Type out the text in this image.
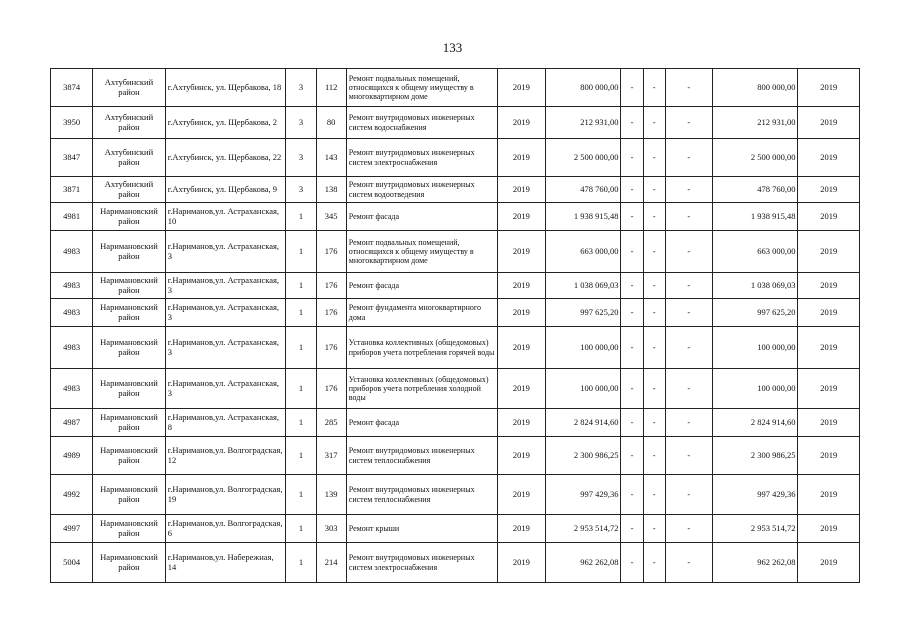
133
3874	Ахтубинский район	г.Ахтубинск, ул. Щербакова, 18	3	112	Ремонт подвальных помещений, относящихся к общему имуществу в многоквартирном доме	2019	800 000,00	-	-	-	800 000,00	2019
3950	Ахтубинский район	г.Ахтубинск, ул. Щербакова, 2	3	80	Ремонт внутридомовых инженерных систем водоснабжения	2019	212 931,00	-	-	-	212 931,00	2019
3847	Ахтубинский район	г.Ахтубинск, ул. Щербакова, 22	3	143	Ремонт внутридомовых инженерных систем электроснабжения	2019	2 500 000,00	-	-	-	2 500 000,00	2019
3871	Ахтубинский район	г.Ахтубинск, ул. Щербакова, 9	3	138	Ремонт внутридомовых инженерных систем водоотведения	2019	478 760,00	-	-	-	478 760,00	2019
4981	Наримановский район	г.Нариманов,ул. Астраханская, 10	1	345	Ремонт фасада	2019	1 938 915,48	-	-	-	1 938 915,48	2019
4983	Наримановский район	г.Нариманов,ул. Астраханская, 3	1	176	Ремонт подвальных помещений, относящихся к общему имуществу в многоквартирном доме	2019	663 000,00	-	-	-	663 000,00	2019
4983	Наримановский район	г.Нариманов,ул. Астраханская, 3	1	176	Ремонт фасада	2019	1 038 069,03	-	-	-	1 038 069,03	2019
4983	Наримановский район	г.Нариманов,ул. Астраханская, 3	1	176	Ремонт фундамента многоквартирного дома	2019	997 625,20	-	-	-	997 625,20	2019
4983	Наримановский район	г.Нариманов,ул. Астраханская, 3	1	176	Установка коллективных (общедомовых) приборов учета потребления горячей воды	2019	100 000,00	-	-	-	100 000,00	2019
4983	Наримановский район	г.Нариманов,ул. Астраханская, 3	1	176	Установка коллективных (общедомовых) приборов учета потребления холодной воды	2019	100 000,00	-	-	-	100 000,00	2019
4987	Наримановский район	г.Нариманов,ул. Астраханская, 8	1	285	Ремонт фасада	2019	2 824 914,60	-	-	-	2 824 914,60	2019
4989	Наримановский район	г.Нариманов,ул. Волгоградская, 12	1	317	Ремонт внутридомовых инженерных систем теплоснабжения	2019	2 300 986,25	-	-	-	2 300 986,25	2019
4992	Наримановский район	г.Нариманов,ул. Волгоградская, 19	1	139	Ремонт внутридомовых инженерных систем теплоснабжения	2019	997 429,36	-	-	-	997 429,36	2019
4997	Наримановский район	г.Нариманов,ул. Волгоградская, 6	1	303	Ремонт крыши	2019	2 953 514,72	-	-	-	2 953 514,72	2019
5004	Наримановский район	г.Нариманов,ул. Набережная, 14	1	214	Ремонт внутридомовых инженерных систем электроснабжения	2019	962 262,08	-	-	-	962 262,08	2019
